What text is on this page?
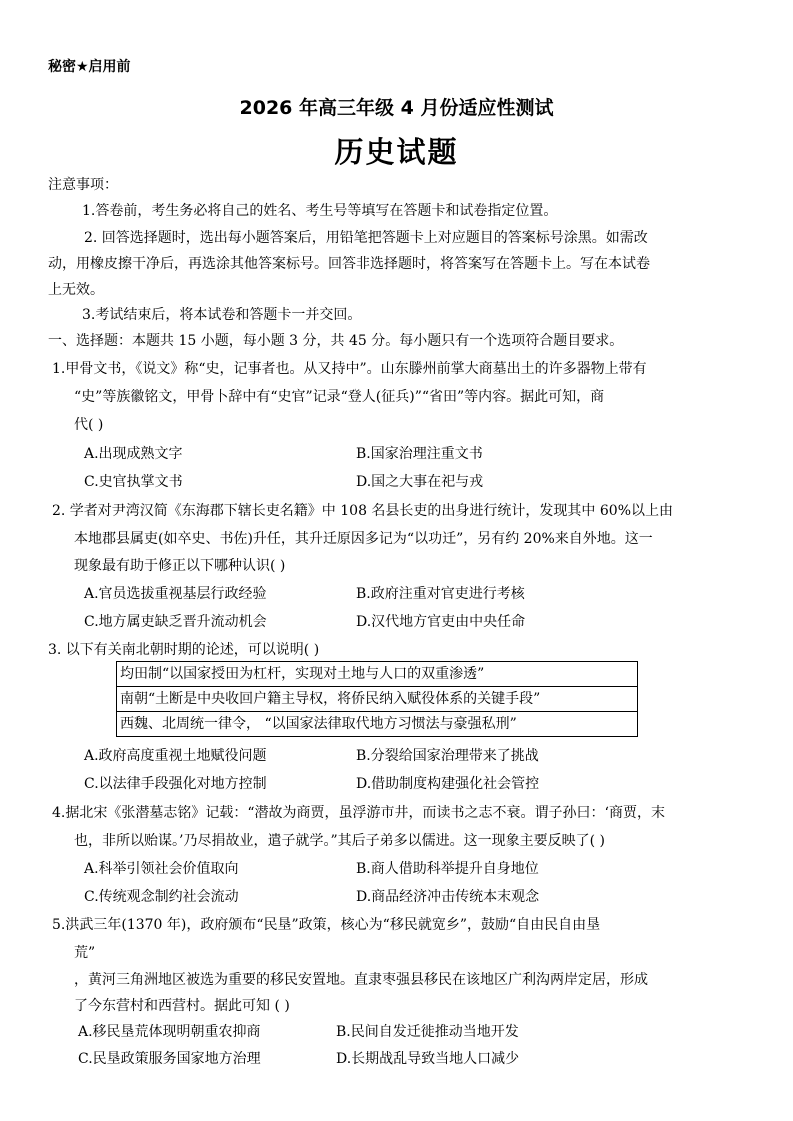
秘密★启用前
2026 年高三年级 4 月份适应性测试
历史试题
注意事项：
1.答卷前，考生务必将自己的姓名、考生号等填写在答题卡和试卷指定位置。
2. 回答选择题时，选出每小题答案后，用铅笔把答题卡上对应题目的答案标号涂黑。如需改
动，用橡皮擦干净后，再选涂其他答案标号。回答非选择题时，将答案写在答题卡上。写在本试卷
上无效。
3.考试结束后，将本试卷和答题卡一并交回。
一、选择题：本题共 15 小题，每小题 3 分，共 45 分。每小题只有一个选项符合题目要求。
1.甲骨文书，《说文》称“史，记事者也。从又持中”。山东滕州前掌大商墓出土的许多器物上带有
“史”等族徽铭文，甲骨卜辞中有“史官”记录“登人(征兵)”“省田”等内容。据此可知，商
代( )
A.出现成熟文字	B.国家治理注重文书
C.史官执掌文书	D.国之大事在祀与戎
2. 学者对尹湾汉简《东海郡下辖长吏名籍》中 108 名县长吏的出身进行统计，发现其中 60%以上由
本地郡县属吏(如卒史、书佐)升任，其升迁原因多记为“以功迁”，另有约 20%来自外地。这一
现象最有助于修正以下哪种认识( )
A.官员选拔重视基层行政经验	B.政府注重对官吏进行考核
C.地方属吏缺乏晋升流动机会	D.汉代地方官吏由中央任命
3. 以下有关南北朝时期的论述，可以说明( )
均田制“以国家授田为杠杆，实现对土地与人口的双重渗透”
南朝“土断是中央收回户籍主导权，将侨民纳入赋役体系的关键手段”
西魏、北周统一律令， “以国家法律取代地方习惯法与豪强私刑”
A.政府高度重视土地赋役问题	B.分裂给国家治理带来了挑战
C.以法律手段强化对地方控制	D.借助制度构建强化社会管控
4.据北宋《张潜墓志铭》记载：“潜故为商贾，虽浮游市井，而读书之志不衰。谓子孙曰：‘商贾，末
也，非所以贻谋。’乃尽捐故业，遣子就学。”其后子弟多以儒进。这一现象主要反映了( )
A.科举引领社会价值取向	B.商人借助科举提升自身地位
C.传统观念制约社会流动	D.商品经济冲击传统本末观念
5.洪武三年(1370 年)，政府颁布“民垦”政策，核心为“移民就宽乡”，鼓励“自由民自由垦
荒”
，黄河三角洲地区被选为重要的移民安置地。直隶枣强县移民在该地区广利沟两岸定居，形成
了今东营村和西营村。据此可知 ( )
A.移民垦荒体现明朝重农抑商	B.民间自发迁徙推动当地开发
C.民垦政策服务国家地方治理	D.长期战乱导致当地人口减少
